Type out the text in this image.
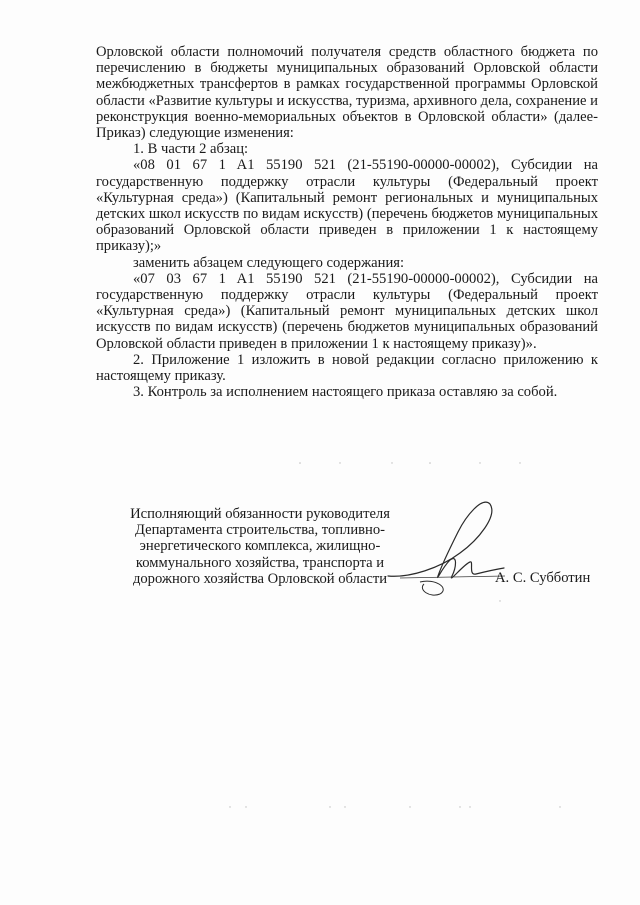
Орловской области полномочий получателя средств областного бюджета по перечислению в бюджеты муниципальных образований Орловской области межбюджетных трансфертов в рамках государственной программы Орловской области «Развитие культуры и искусства, туризма, архивного дела, сохранение и реконструкция военно-мемориальных объектов в Орловской области» (далее- Приказ) следующие изменения:

1. В части 2 абзац:

«08 01 67 1 A1 55190 521 (21-55190-00000-00002), Субсидии на государственную поддержку отрасли культуры (Федеральный проект «Культурная среда») (Капитальный ремонт региональных и муниципальных детских школ искусств по видам искусств) (перечень бюджетов муниципальных образований Орловской области приведен в приложении 1 к настоящему приказу);»

заменить абзацем следующего содержания:

«07 03 67 1 A1 55190 521 (21-55190-00000-00002), Субсидии на государственную поддержку отрасли культуры (Федеральный проект «Культурная среда») (Капитальный ремонт муниципальных детских школ искусств по видам искусств) (перечень бюджетов муниципальных образований Орловской области приведен в приложении 1 к настоящему приказу)».

2. Приложение 1 изложить в новой редакции согласно приложению к настоящему приказу.

3. Контроль за исполнением настоящего приказа оставляю за собой.

Исполняющий обязанности руководителя
Департамента строительства, топливно-
энергетического комплекса, жилищно-
коммунального хозяйства, транспорта и
дорожного хозяйства Орловской области	А. С. Субботин
